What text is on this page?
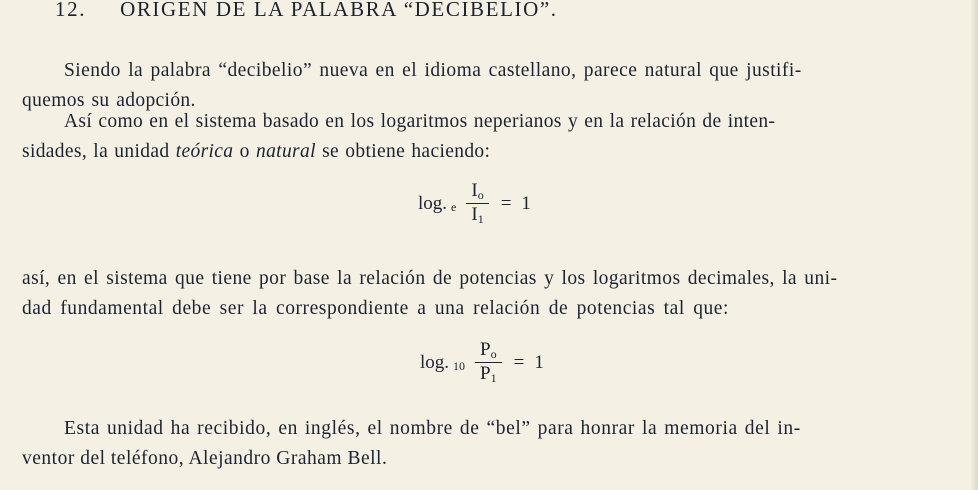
12. ORIGEN DE LA PALABRA “DECIBELIO”.
Siendo la palabra “decibelio” nueva en el idioma castellano, parece natural que justifi-
quemos su adopción.
Así como en el sistema basado en los logaritmos neperianos y en la relación de inten-
sidades, la unidad teórica o natural se obtiene haciendo:
log. e $\frac{Io}{I1} = 1$
así, en el sistema que tiene por base la relación de potencias y los logaritmos decimales, la uni-
dad fundamental debe ser la correspondiente a una relación de potencias tal que:
log. $10 \frac{Po}{P1} = 1$
Esta unidad ha recibido, en inglés, el nombre de “bel” para honrar la memoria del in-
ventor del teléfono, Alejandro Graham Bell.
